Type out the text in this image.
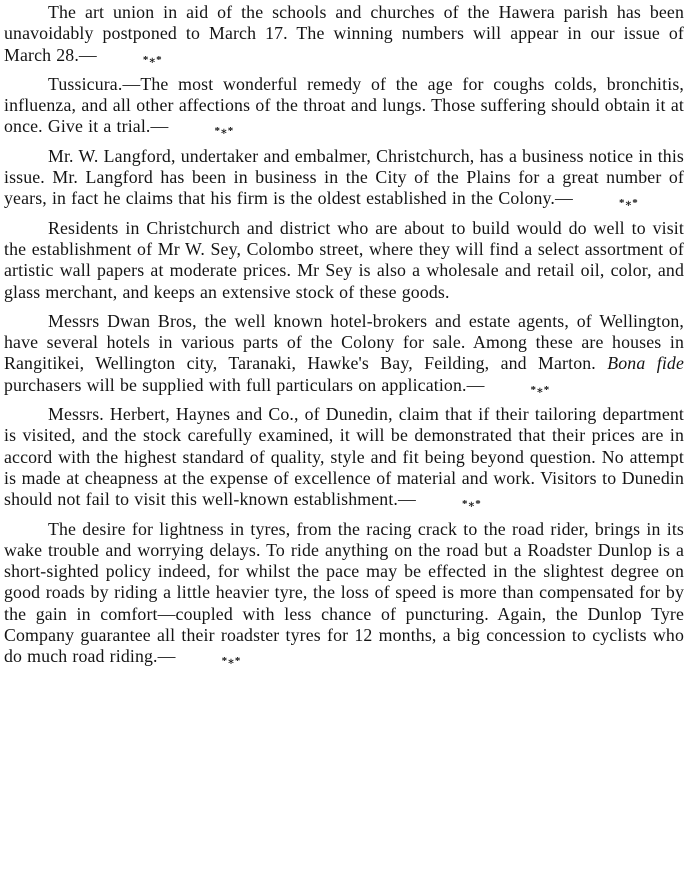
The art union in aid of the schools and churches of the Hawera parish has been unavoidably postponed to March 17. The winning numbers will appear in our issue of March 28.—	*⁎*

Tussicura.—The most wonderful remedy of the age for coughs colds, bronchitis, influenza, and all other affections of the throat and lungs. Those suffering should obtain it at once. Give it a trial.—	*⁎*

Mr. W. Langford, undertaker and embalmer, Christchurch, has a business notice in this issue. Mr. Langford has been in business in the City of the Plains for a great number of years, in fact he claims that his firm is the oldest established in the Colony.—	*⁎*

Residents in Christchurch and district who are about to build would do well to visit the establishment of Mr W. Sey, Colombo street, where they will find a select assortment of artistic wall papers at moderate prices. Mr Sey is also a wholesale and retail oil, color, and glass merchant, and keeps an extensive stock of these goods.

Messrs Dwan Bros, the well known hotel-brokers and estate agents, of Wellington, have several hotels in various parts of the Colony for sale. Among these are houses in Rangitikei, Wellington city, Taranaki, Hawke's Bay, Feilding, and Marton. Bona fide purchasers will be supplied with full particulars on application.—	*⁎*

Messrs. Herbert, Haynes and Co., of Dunedin, claim that if their tailoring department is visited, and the stock carefully examined, it will be demonstrated that their prices are in accord with the highest standard of quality, style and fit being beyond question. No attempt is made at cheapness at the expense of excellence of material and work. Visitors to Dunedin should not fail to visit this well-known establishment.—	*⁎*

The desire for lightness in tyres, from the racing crack to the road rider, brings in its wake trouble and worrying delays. To ride anything on the road but a Roadster Dunlop is a short-sighted policy indeed, for whilst the pace may be effected in the slightest degree on good roads by riding a little heavier tyre, the loss of speed is more than compensated for by the gain in comfort—coupled with less chance of puncturing. Again, the Dunlop Tyre Company guarantee all their roadster tyres for 12 months, a big concession to cyclists who do much road riding.—	*⁎*
